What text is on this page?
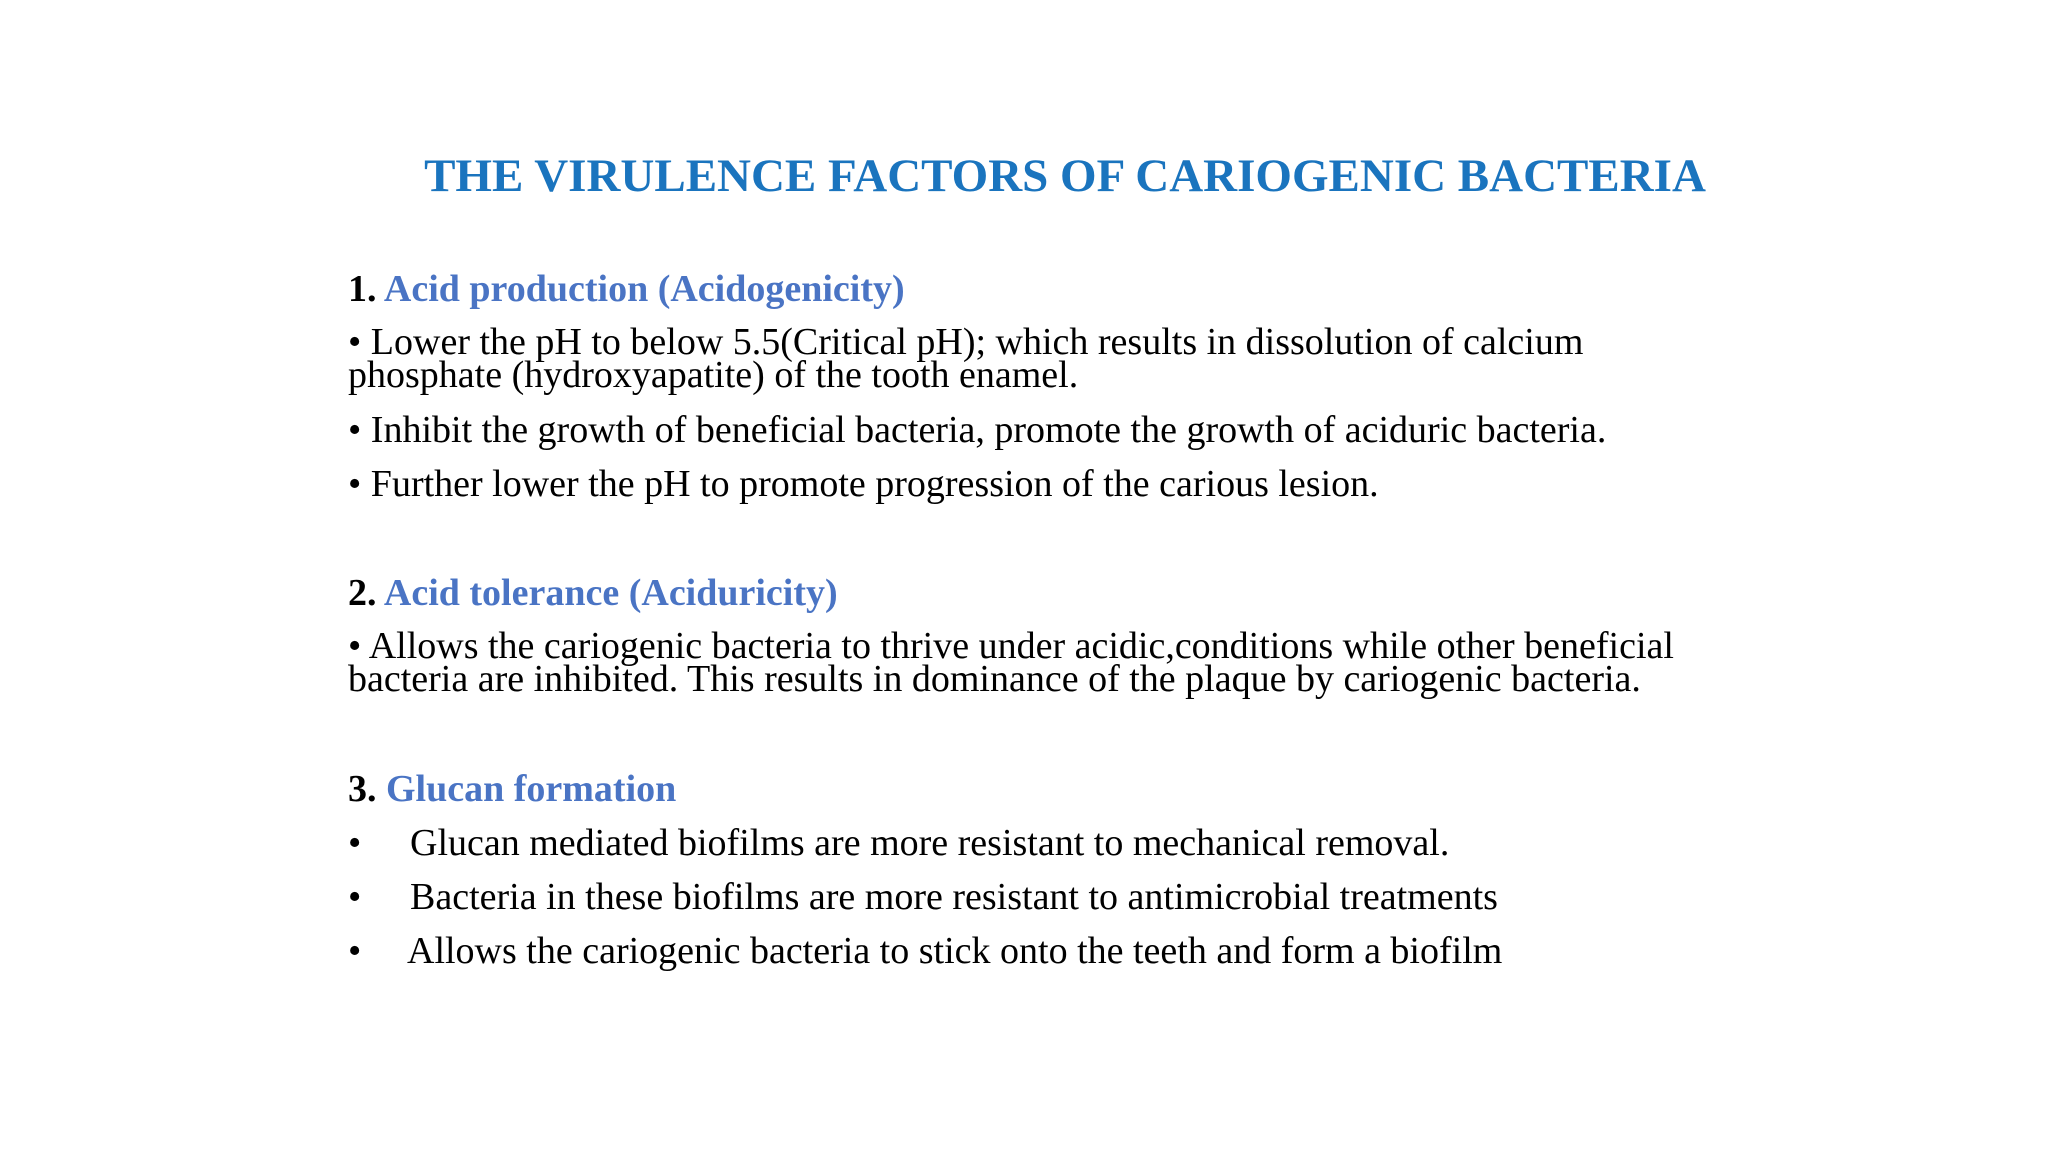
THE VIRULENCE FACTORS OF CARIOGENIC BACTERIA
1. Acid production (Acidogenicity)
• Lower the pH to below 5.5(Critical pH); which results in dissolution of calcium
phosphate (hydroxyapatite) of the tooth enamel.
• Inhibit the growth of beneficial bacteria, promote the growth of aciduric bacteria.
• Further lower the pH to promote progression of the carious lesion.
2. Acid tolerance (Aciduricity)
• Allows the cariogenic bacteria to thrive under acidic,conditions while other beneficial
bacteria are inhibited. This results in dominance of the plaque by cariogenic bacteria.
3. Glucan formation
• Glucan mediated biofilms are more resistant to mechanical removal.
• Bacteria in these biofilms are more resistant to antimicrobial treatments
• Allows the cariogenic bacteria to stick onto the teeth and form a biofilm
